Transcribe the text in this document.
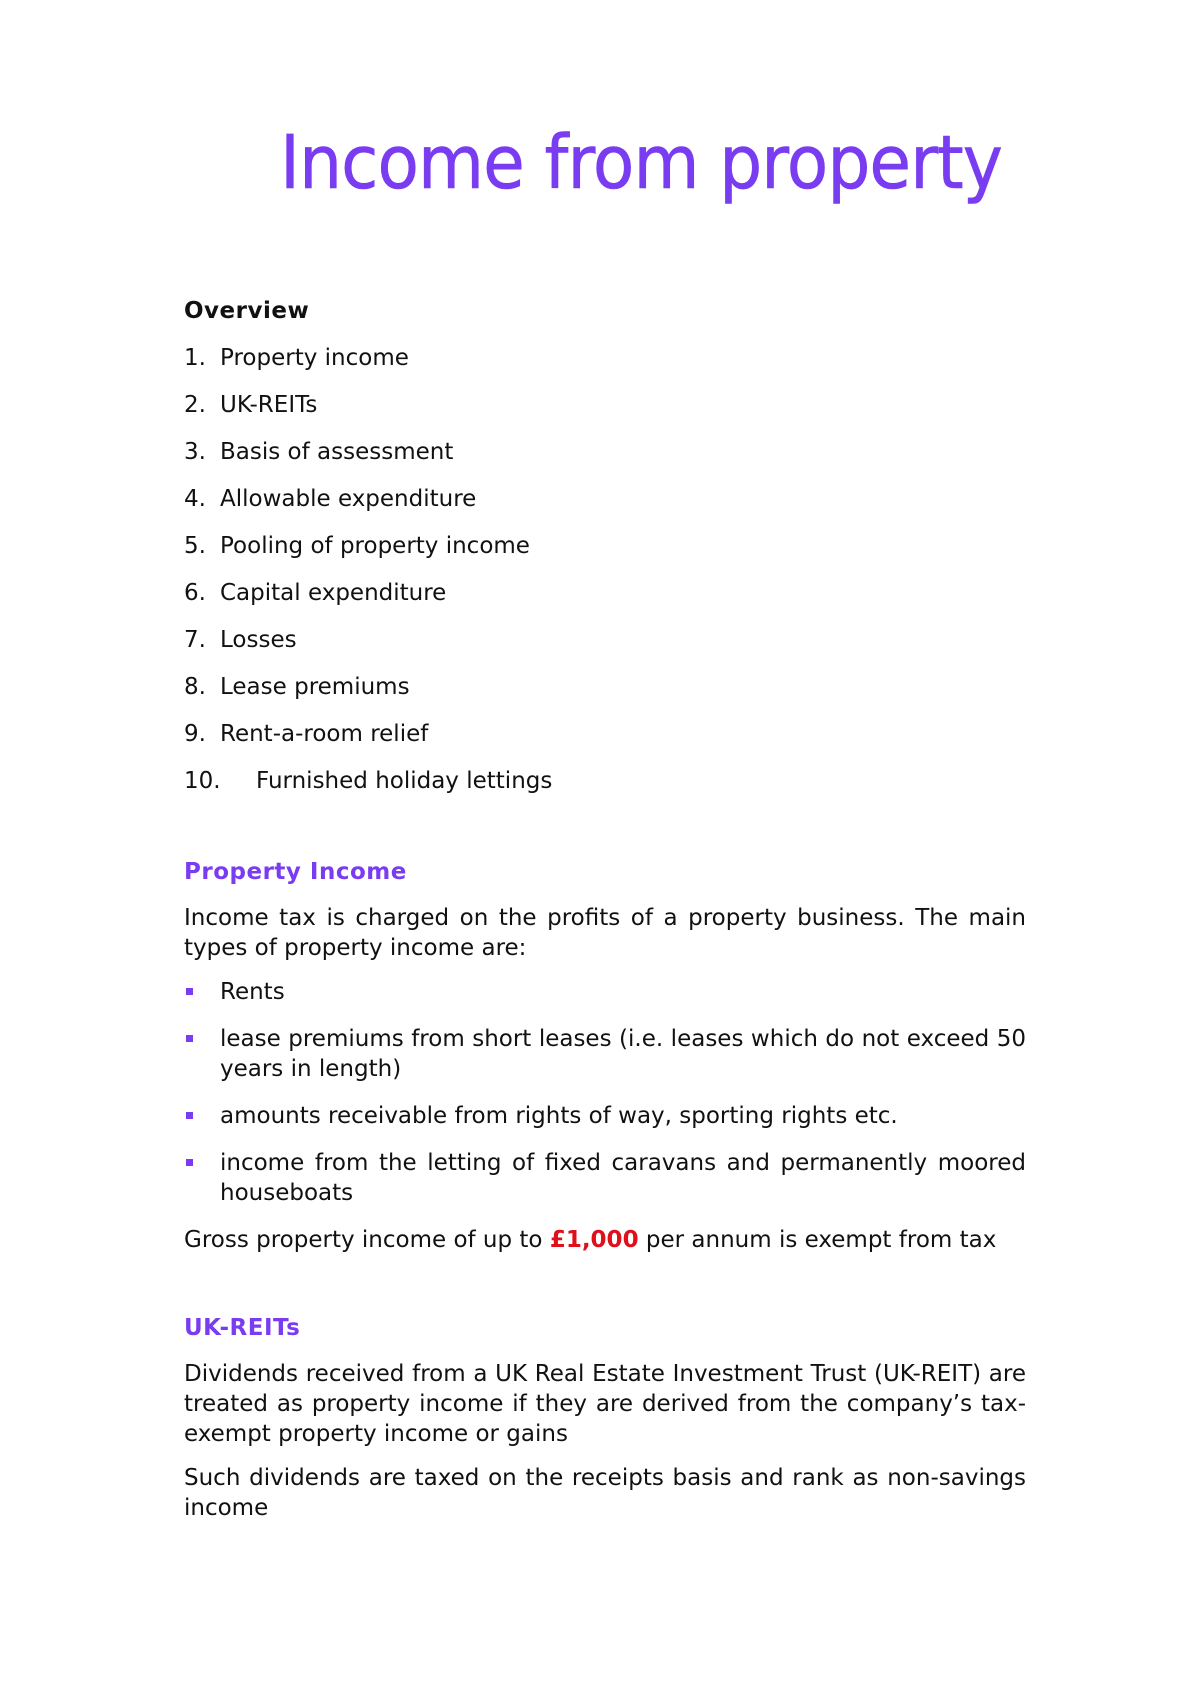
Income from property
Overview
1. Property income
2. UK-REITs
3. Basis of assessment
4. Allowable expenditure
5. Pooling of property income
6. Capital expenditure
7. Losses
8. Lease premiums
9. Rent-a-room relief
10.	Furnished holiday lettings
Property Income

Income tax is charged on the profits of a property business. The main types of property income are:

Rents
lease premiums from short leases (i.e. leases which do not exceed 50 years in length)
amounts receivable from rights of way, sporting rights etc.
income from the letting of fixed caravans and permanently moored houseboats

Gross property income of up to £1,000 per annum is exempt from tax

UK-REITs

Dividends received from a UK Real Estate Investment Trust (UK-REIT) are treated as property income if they are derived from the company’s tax-exempt property income or gains

Such dividends are taxed on the receipts basis and rank as non-savings income
